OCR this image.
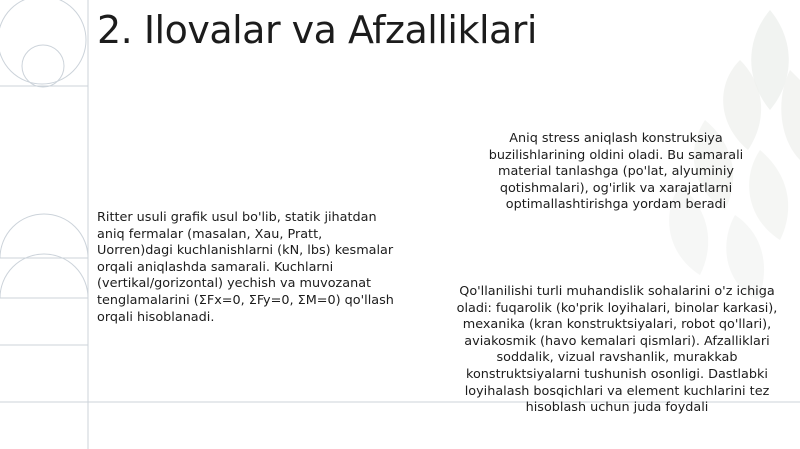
2. Ilovalar va Afzalliklari

Ritter usuli grafik usul bo'lib, statik jihatdan aniq fermalar (masalan, Xau, Pratt, Uorren)dagi kuchlanishlarni (kN, lbs) kesmalar orqali aniqlashda samarali. Kuchlarni (vertikal/gorizontal) yechish va muvozanat tenglamalarini (ΣFx=0, ΣFy=0, ΣM=0) qo'llash orqali hisoblanadi.

Aniq stress aniqlash konstruksiya buzilishlarining oldini oladi. Bu samarali material tanlashga (po'lat, alyuminiy qotishmalari), og'irlik va xarajatlarni optimallashtirishga yordam beradi

Qo'llanilishi turli muhandislik sohalarini o'z ichiga oladi: fuqarolik (ko'prik loyihalari, binolar karkasi), mexanika (kran konstruktsiyalari, robot qo'llari), aviakosmik (havo kemalari qismlari). Afzalliklari soddalik, vizual ravshanlik, murakkab konstruktsiyalarni tushunish osonligi. Dastlabki loyihalash bosqichlari va element kuchlarini tez hisoblash uchun juda foydali
